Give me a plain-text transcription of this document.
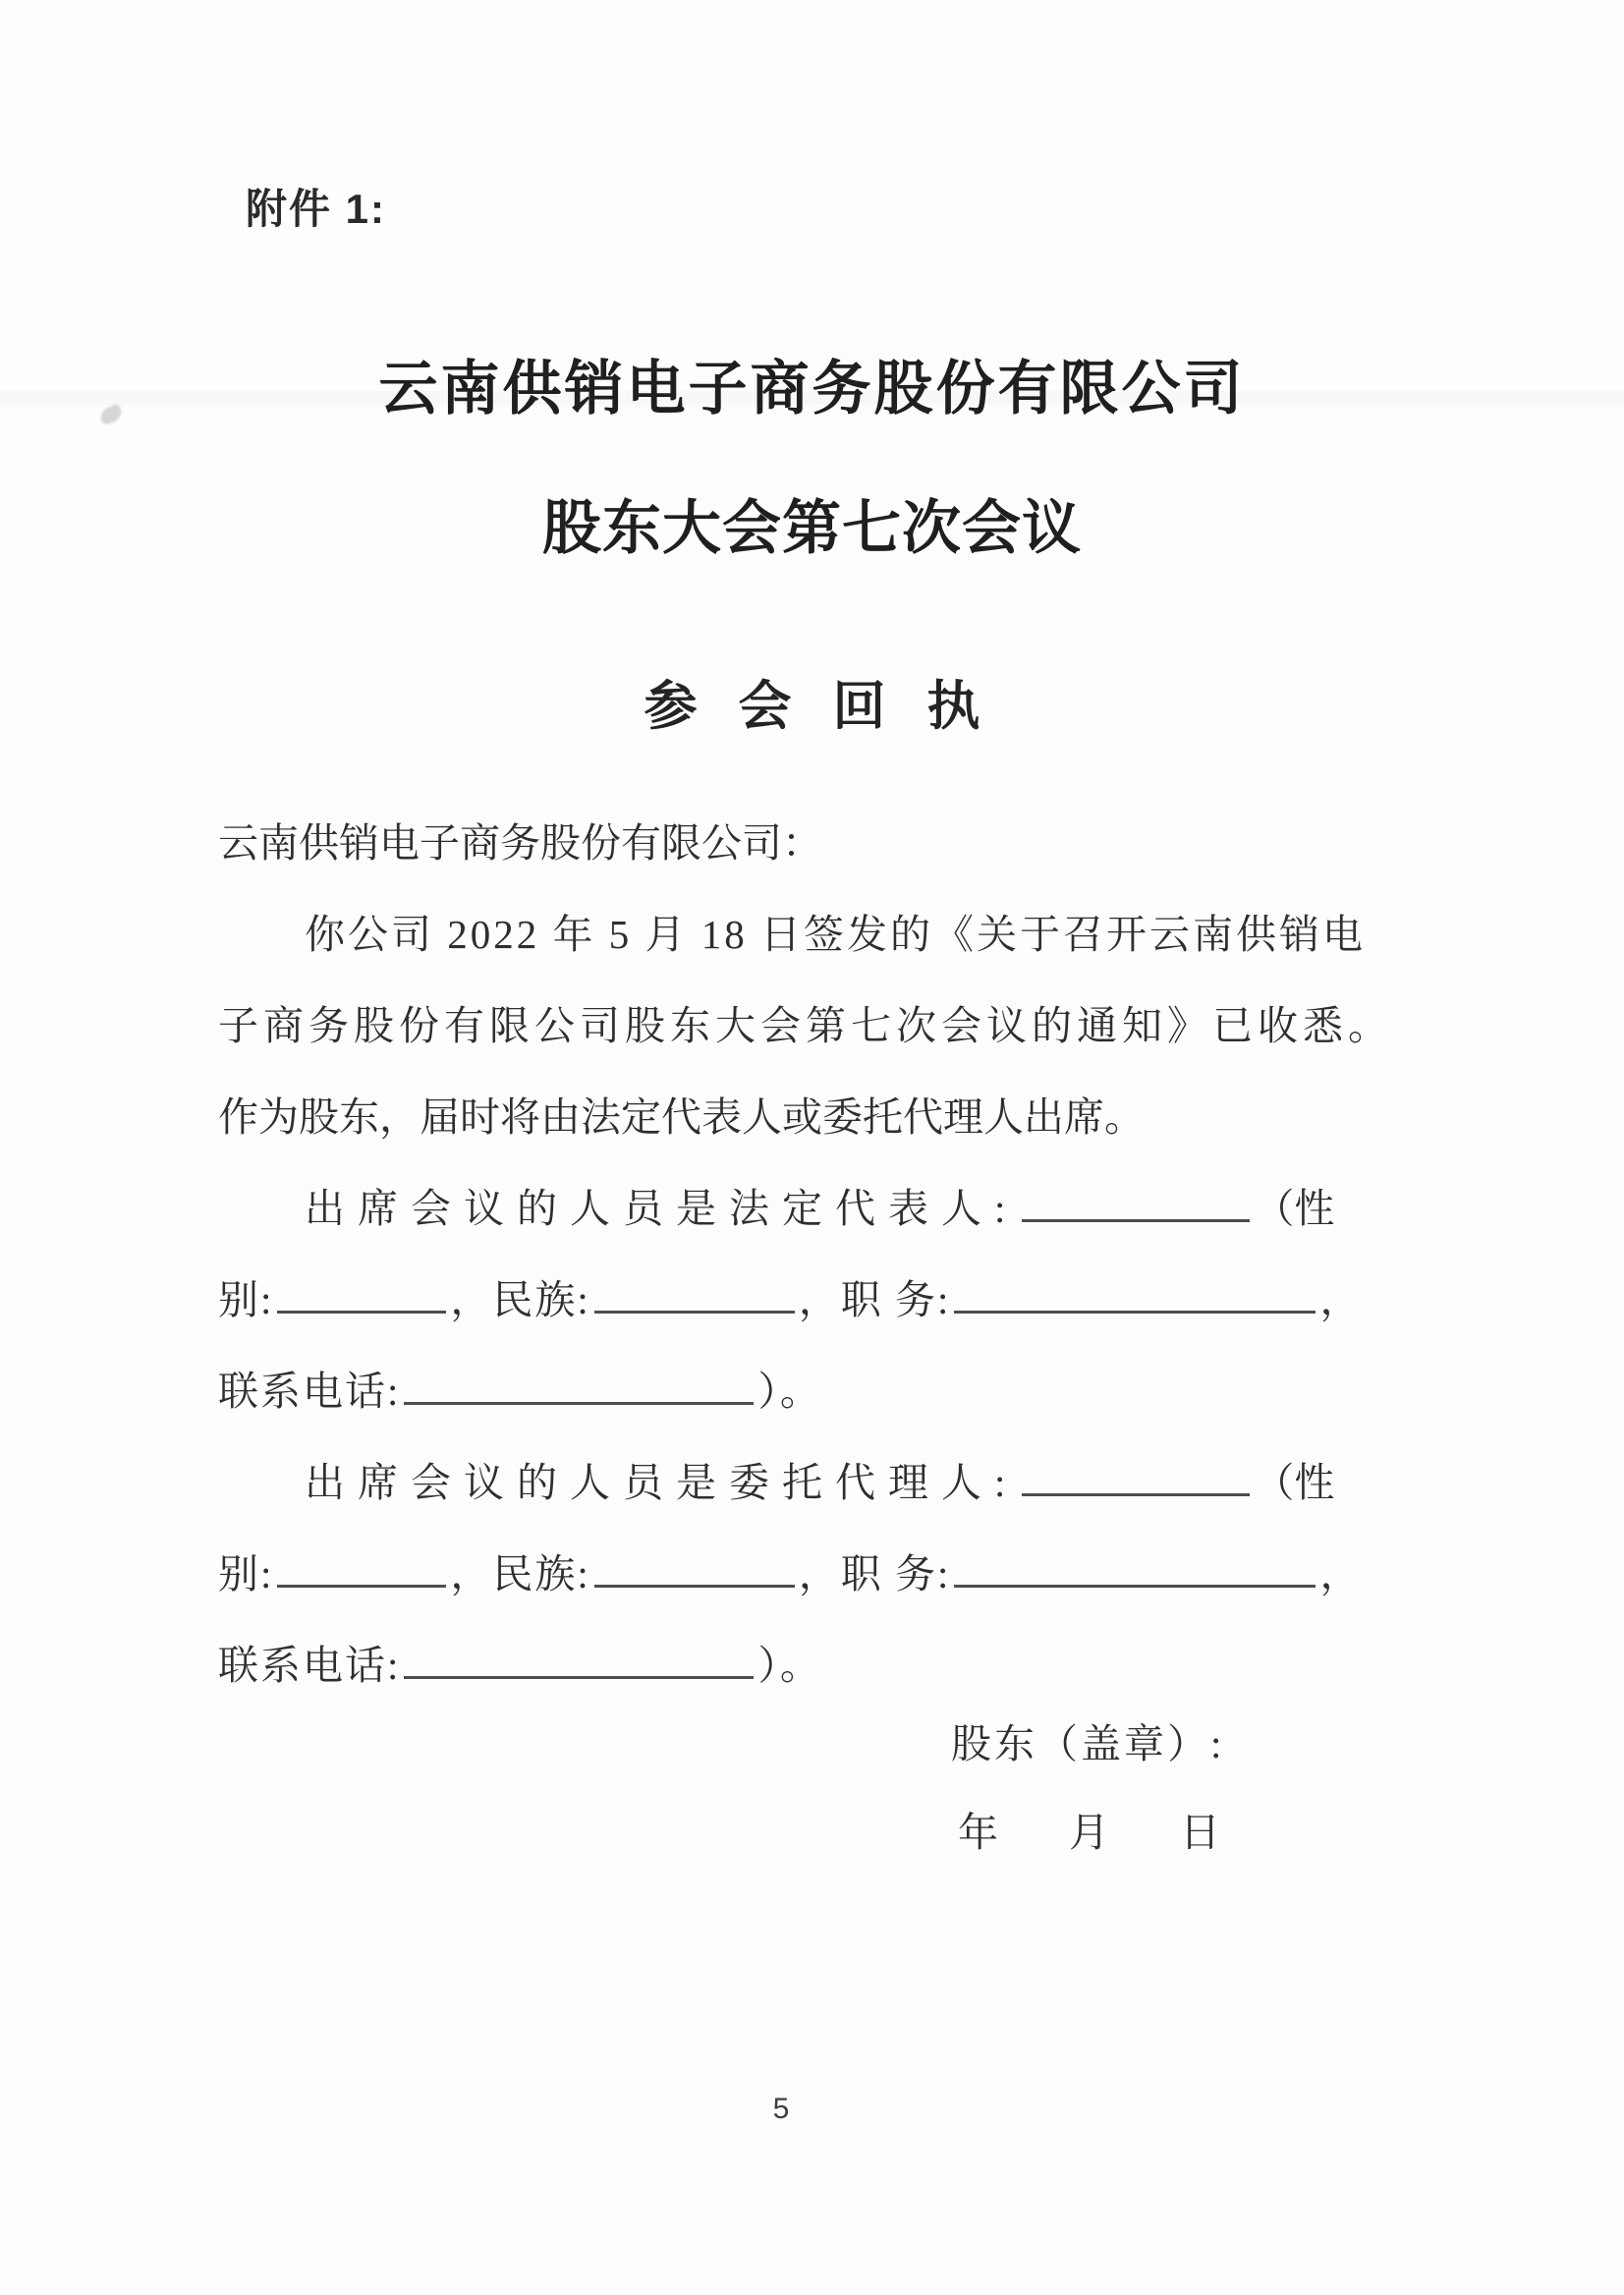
附件 1:
云南供销电子商务股份有限公司
股东大会第七次会议
参会回执
云南供销电子商务股份有限公司：
你公司 2022 年 5 月 18 日签发的《关于召开云南供销电
子商务股份有限公司股东大会第七次会议的通知》已收悉。
作为股东，届时将由法定代表人或委托代理人出席。
出席会议的人员是法定代表人:	（性
别:	，民族:	，职 务:	，
联系电话:	）。
出席会议的人员是委托代理人:	（性
别:	，民族:	，职 务:	，
联系电话:	）。
股东（盖章）:
年 月 日
5
